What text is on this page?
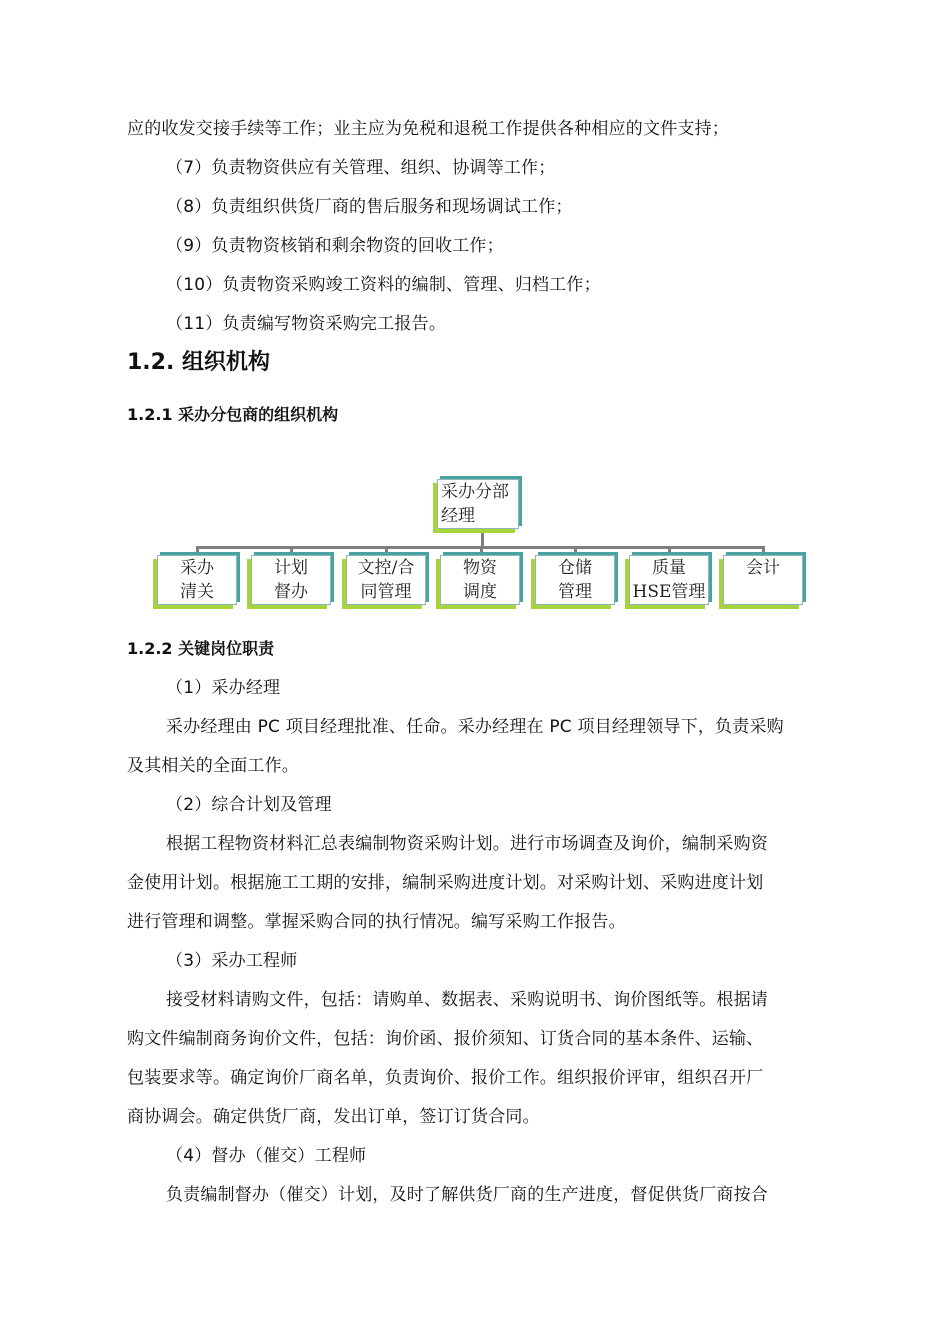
应的收发交接手续等工作；业主应为免税和退税工作提供各种相应的文件支持；
（7）负责物资供应有关管理、组织、协调等工作；
（8）负责组织供货厂商的售后服务和现场调试工作；
（9）负责物资核销和剩余物资的回收工作；
（10）负责物资采购竣工资料的编制、管理、归档工作；
（11）负责编写物资采购完工报告。
1.2. 组织机构
1.2.1 采办分包商的组织机构
采办分部
经理
采办
清关
计划
督办
文控/合
同管理
物资
调度
仓储
管理
质量
HSE管理
会计
1.2.2 关键岗位职责
（1）采办经理
采办经理由 PC 项目经理批准、任命。采办经理在 PC 项目经理领导下，负责采购
及其相关的全面工作。
（2）综合计划及管理
根据工程物资材料汇总表编制物资采购计划。进行市场调查及询价，编制采购资
金使用计划。根据施工工期的安排，编制采购进度计划。对采购计划、采购进度计划
进行管理和调整。掌握采购合同的执行情况。编写采购工作报告。
（3）采办工程师
接受材料请购文件，包括：请购单、数据表、采购说明书、询价图纸等。根据请
购文件编制商务询价文件，包括：询价函、报价须知、订货合同的基本条件、运输、
包装要求等。确定询价厂商名单，负责询价、报价工作。组织报价评审，组织召开厂
商协调会。确定供货厂商，发出订单，签订订货合同。
（4）督办（催交）工程师
负责编制督办（催交）计划，及时了解供货厂商的生产进度，督促供货厂商按合
